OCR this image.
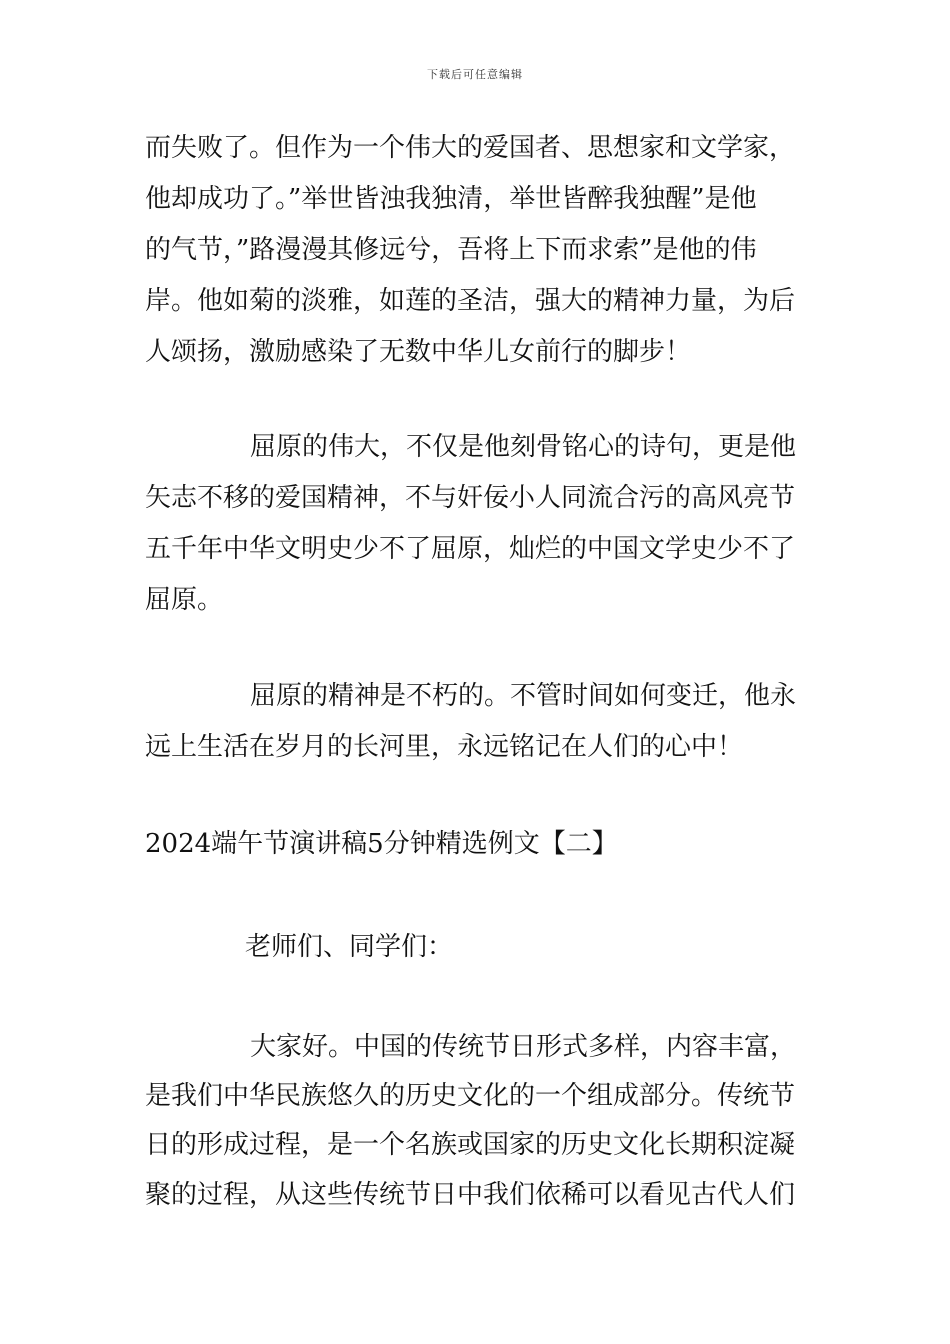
下载后可任意编辑
而失败了。但作为一个伟大的爱国者、思想家和文学家，
他却成功了。”举世皆浊我独清，举世皆醉我独醒”是他
的气节，”路漫漫其修远兮，吾将上下而求索”是他的伟
岸。他如菊的淡雅，如莲的圣洁，强大的精神力量，为后
人颂扬，激励感染了无数中华儿女前行的脚步！
屈原的伟大，不仅是他刻骨铭心的诗句，更是他
矢志不移的爱国精神，不与奸佞小人同流合污的高风亮节
五千年中华文明史少不了屈原，灿烂的中国文学史少不了
屈原。
屈原的精神是不朽的。不管时间如何变迁，他永
远上生活在岁月的长河里，永远铭记在人们的心中！
2024端午节演讲稿5分钟精选例文【二】
老师们、同学们：
大家好。中国的传统节日形式多样，内容丰富，
是我们中华民族悠久的历史文化的一个组成部分。传统节
日的形成过程，是一个名族或国家的历史文化长期积淀凝
聚的过程，从这些传统节日中我们依稀可以看见古代人们
